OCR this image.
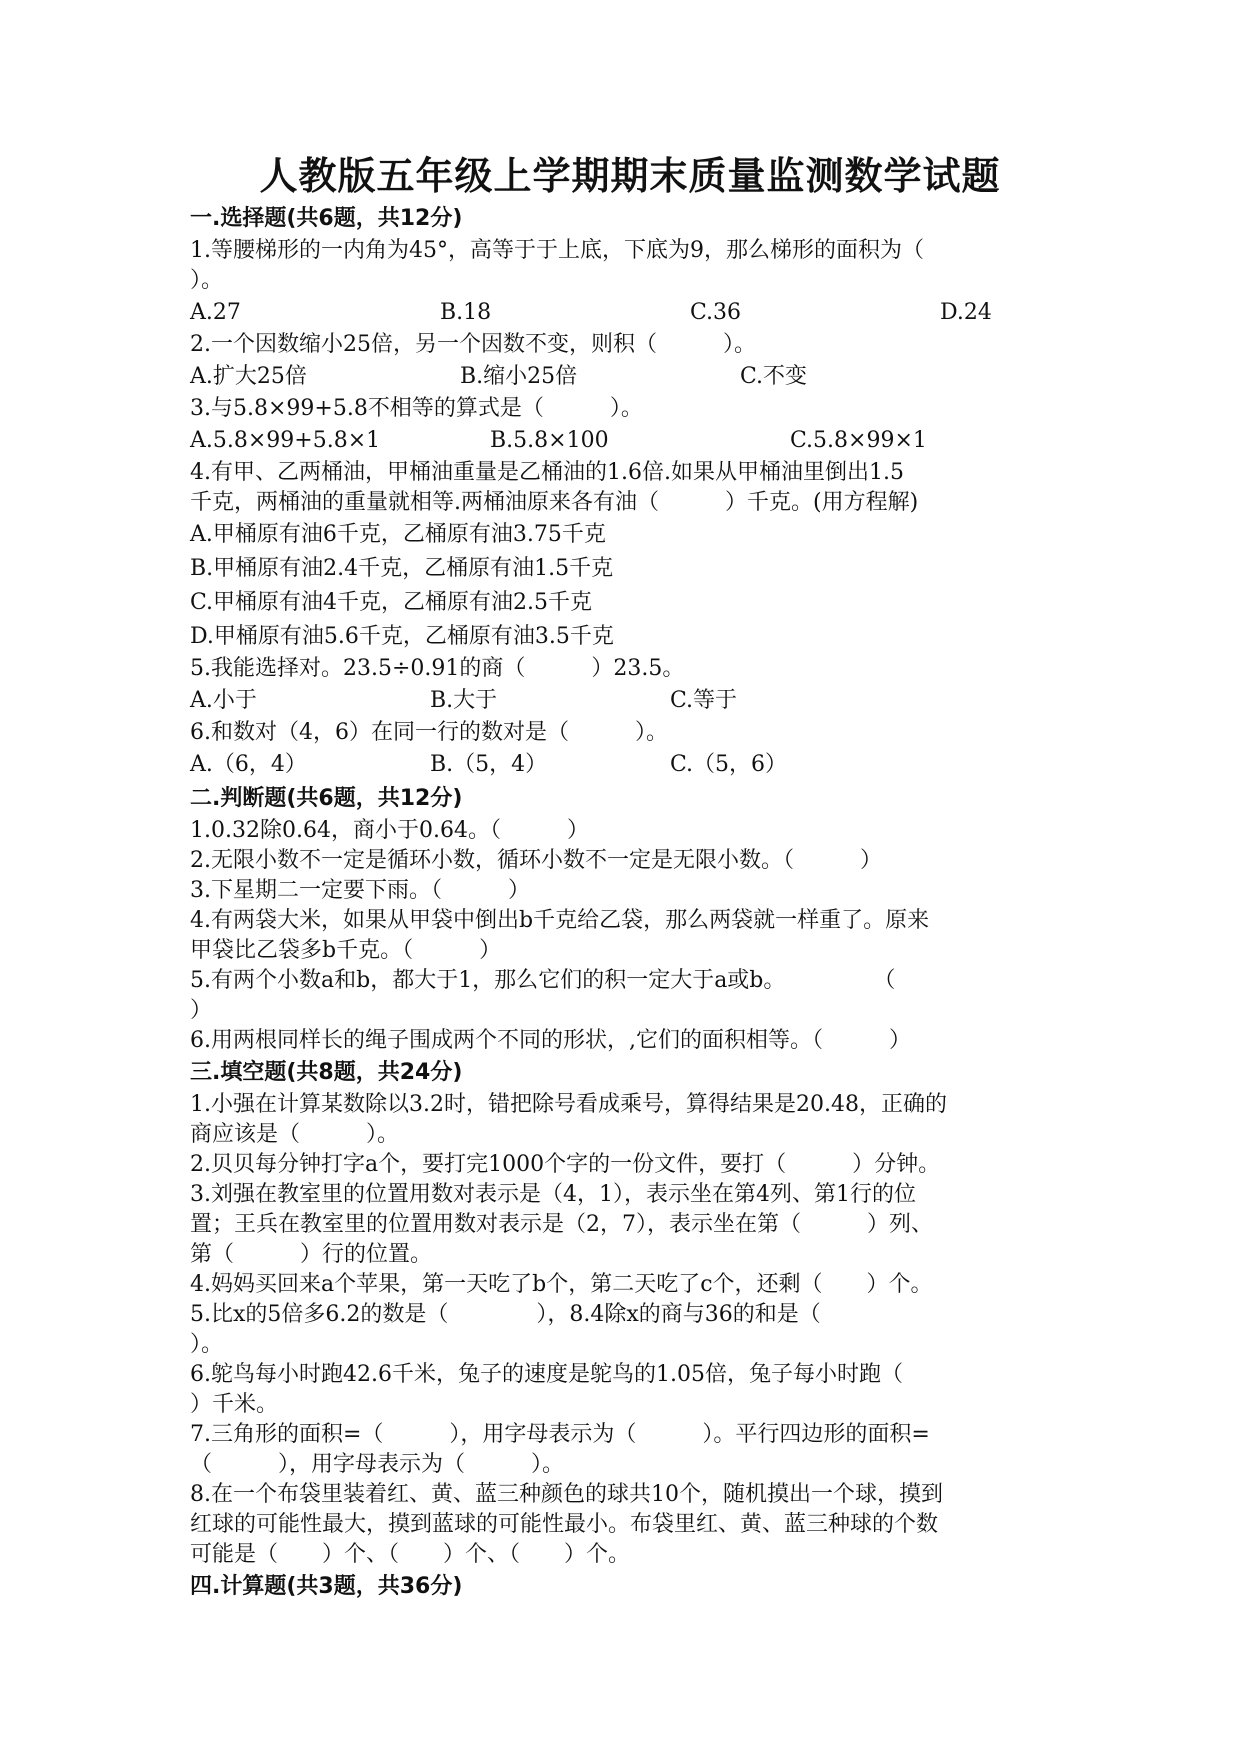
人教版五年级上学期期末质量监测数学试题
一.选择题(共6题，共12分)
1.等腰梯形的一内角为45°，高等于于上底，下底为9，那么梯形的面积为（
）。
A.27	B.18	C.36	D.24
2.一个因数缩小25倍，另一个因数不变，则积（　　　）。
A.扩大25倍	B.缩小25倍	C.不变
3.与5.8×99+5.8不相等的算式是（　　　）。
A.5.8×99+5.8×1	B.5.8×100	C.5.8×99×1
4.有甲、乙两桶油，甲桶油重量是乙桶油的1.6倍.如果从甲桶油里倒出1.5
千克，两桶油的重量就相等.两桶油原来各有油（　　　）千克。(用方程解)
A.甲桶原有油6千克，乙桶原有油3.75千克
B.甲桶原有油2.4千克，乙桶原有油1.5千克
C.甲桶原有油4千克，乙桶原有油2.5千克
D.甲桶原有油5.6千克，乙桶原有油3.5千克
5.我能选择对。23.5÷0.91的商（　　　）23.5。
A.小于	B.大于	C.等于
6.和数对（4，6）在同一行的数对是（　　　）。
A.（6，4）	B.（5，4）	C.（5，6）
二.判断题(共6题，共12分)
1.0.32除0.64，商小于0.64。（　　　）
2.无限小数不一定是循环小数，循环小数不一定是无限小数。（　　　）
3.下星期二一定要下雨。（　　　）
4.有两袋大米，如果从甲袋中倒出b千克给乙袋，那么两袋就一样重了。原来
甲袋比乙袋多b千克。（　　　）
5.有两个小数a和b，都大于1，那么它们的积一定大于a或b。　　　　　（
）
6.用两根同样长的绳子围成两个不同的形状，,它们的面积相等。（　　　）
三.填空题(共8题，共24分)
1.小强在计算某数除以3.2时，错把除号看成乘号，算得结果是20.48，正确的
商应该是（　　　）。
2.贝贝每分钟打字a个，要打完1000个字的一份文件，要打（　　　）分钟。
3.刘强在教室里的位置用数对表示是（4，1），表示坐在第4列、第1行的位
置；王兵在教室里的位置用数对表示是（2，7），表示坐在第（　　　）列、
第（　　　）行的位置。
4.妈妈买回来a个苹果，第一天吃了b个，第二天吃了c个，还剩（　　）个。
5.比x的5倍多6.2的数是（　　　　），8.4除x的商与36的和是（
）。
6.鸵鸟每小时跑42.6千米，兔子的速度是鸵鸟的1.05倍，兔子每小时跑（
）千米。
7.三角形的面积=（　　　），用字母表示为（　　　）。平行四边形的面积=
（　　　），用字母表示为（　　　）。
8.在一个布袋里装着红、黄、蓝三种颜色的球共10个，随机摸出一个球，摸到
红球的可能性最大，摸到蓝球的可能性最小。布袋里红、黄、蓝三种球的个数
可能是（　　）个、（　　）个、（　　）个。
四.计算题(共3题，共36分)
